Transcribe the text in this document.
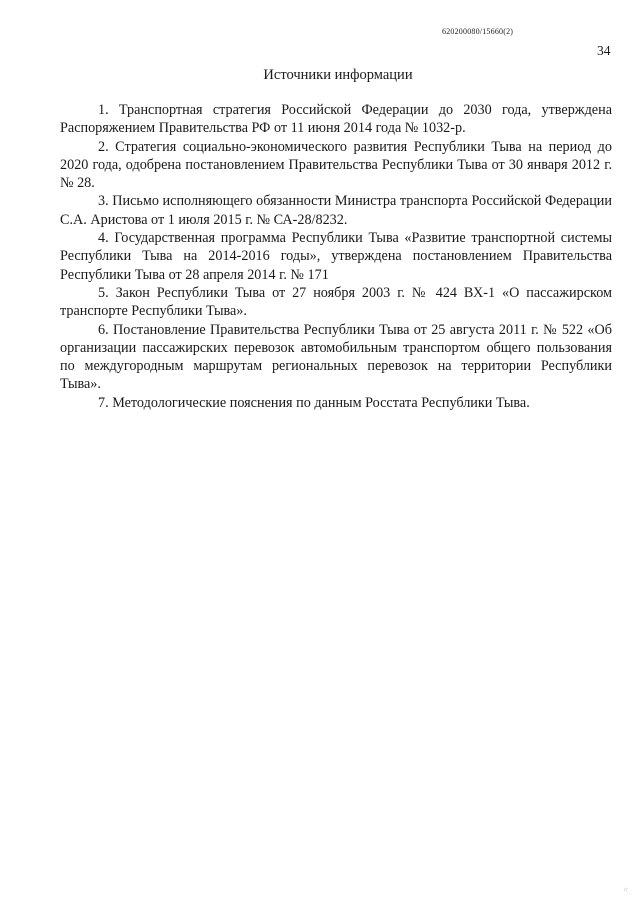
620200080/15660(2)
34
Источники информации

1. Транспортная стратегия Российской Федерации до 2030 года, утверждена Распоряжением Правительства РФ от 11 июня 2014 года № 1032-р.

2. Стратегия социально-экономического развития Республики Тыва на период до 2020 года, одобрена постановлением Правительства Республики Тыва от 30 января 2012 г. № 28.

3. Письмо исполняющего обязанности Министра транспорта Российской Федерации С.А. Аристова от 1 июля 2015 г. № СА-28/8232.

4. Государственная программа Республики Тыва «Развитие транспортной системы Республики Тыва на 2014-2016 годы», утверждена постановлением Правительства Республики Тыва от 28 апреля 2014 г. № 171

5. Закон Республики Тыва от 27 ноября 2003 г. № 424 ВХ-1 «О пассажирском транспорте Республики Тыва».

6. Постановление Правительства Республики Тыва от 25 августа 2011 г. № 522 «Об организации пассажирских перевозок автомобильным транспортом общего пользования по междугородным маршрутам региональных перевозок на территории Республики Тыва».

7. Методологические пояснения по данным Росстата Республики Тыва.

⁘
